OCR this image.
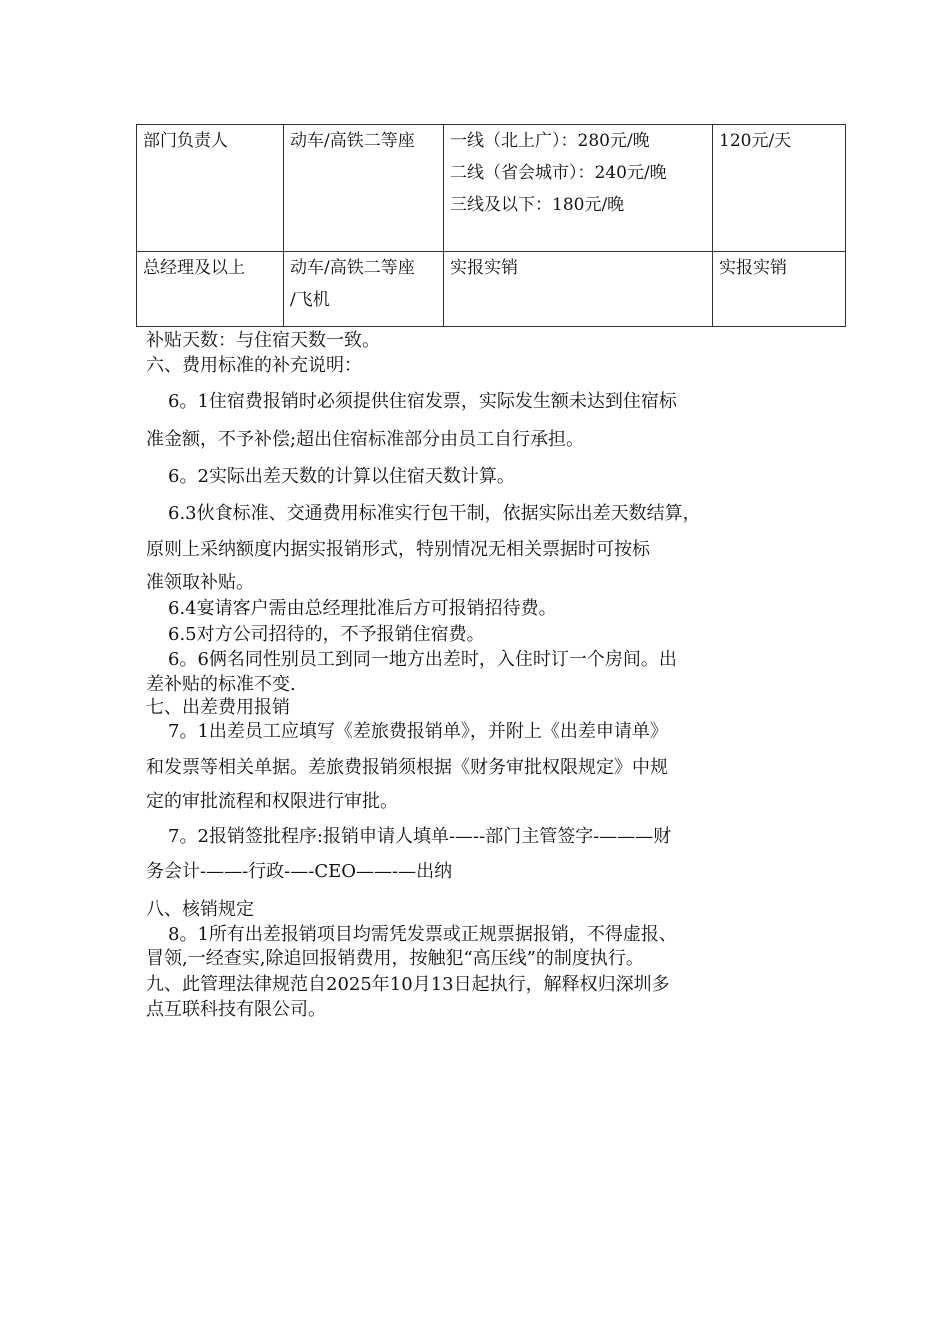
部门负责人	动车/高铁二等座	一线（北上广）：280元/晚
二线（省会城市）：240元/晚
三线及以下：180元/晚	120元/天

总经理及以上	动车/高铁二等座
/飞机	实报实销	实报实销

补贴天数：与住宿天数一致。

六、费用标准的补充说明：

6。1住宿费报销时必须提供住宿发票，实际发生额未达到住宿标

准金额，不予补偿;超出住宿标准部分由员工自行承担。

6。2实际出差天数的计算以住宿天数计算。

6.3伙食标准、交通费用标准实行包干制，依据实际出差天数结算，

原则上采纳额度内据实报销形式，特别情况无相关票据时可按标

准领取补贴。

6.4宴请客户需由总经理批准后方可报销招待费。

6.5对方公司招待的，不予报销住宿费。

6。6俩名同性别员工到同一地方出差时，入住时订一个房间。出

差补贴的标准不变.

七、出差费用报销

7。1出差员工应填写《差旅费报销单》，并附上《出差申请单》

和发票等相关单据。差旅费报销须根据《财务审批权限规定》中规

定的审批流程和权限进行审批。

7。2报销签批程序:报销申请人填单-—--部门主管签字-———财

务会计-——-行政-—-CEO——-—出纳

八、核销规定

8。1所有出差报销项目均需凭发票或正规票据报销，不得虚报、

冒领,一经查实,除追回报销费用，按触犯“高压线”的制度执行。

九、此管理法律规范自2025年10月13日起执行，解释权归深圳多

点互联科技有限公司。
